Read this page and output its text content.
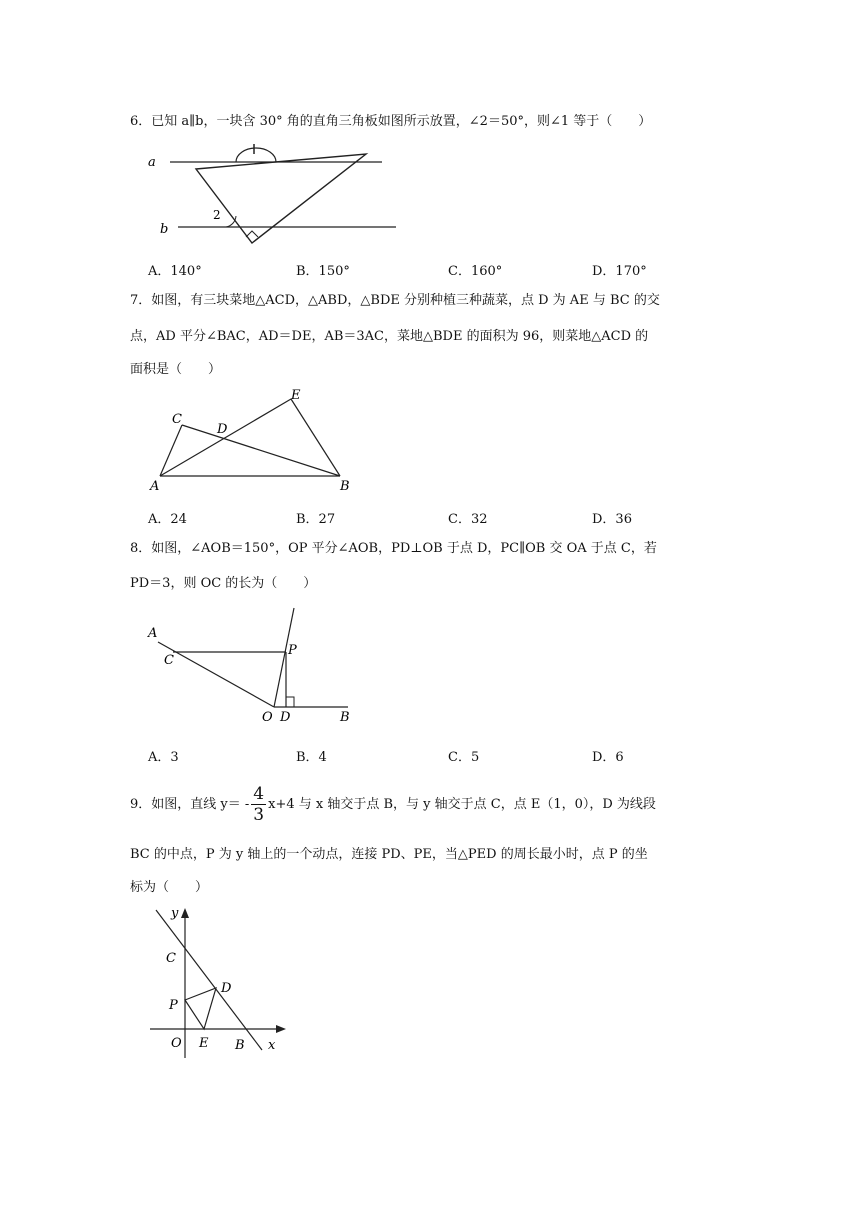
6．已知 a∥b，一块含 30° 角的直角三角板如图所示放置，∠2＝50°，则∠1 等于（　　）
a
b
2
A．140°	B．150°	C．160°	D．170°
7．如图，有三块菜地△ACD，△ABD，△BDE 分别种植三种蔬菜，点 D 为 AE 与 BC 的交
点，AD 平分∠BAC，AD＝DE，AB＝3AC，菜地△BDE 的面积为 96，则菜地△ACD 的
面积是（　　）
A	B
C
D
E
A．24	B．27	C．32	D．36
8．如图，∠AOB＝150°，OP 平分∠AOB，PD⊥OB 于点 D，PC∥OB 交 OA 于点 C，若
PD＝3，则 OC 的长为（　　）
A
C
P
O D	B
A．3	B．4	C．5	D．6
9．如图，直线 $y= - \frac{4}{3} x+4$ 与 x 轴交于点 B，与 y 轴交于点 C，点 E（1，0），D 为线段
BC 的中点，P 为 y 轴上的一个动点，连接 PD、PE，当△PED 的周长最小时，点 P 的坐
标为（　　）
y
C
D
P
O E B x
